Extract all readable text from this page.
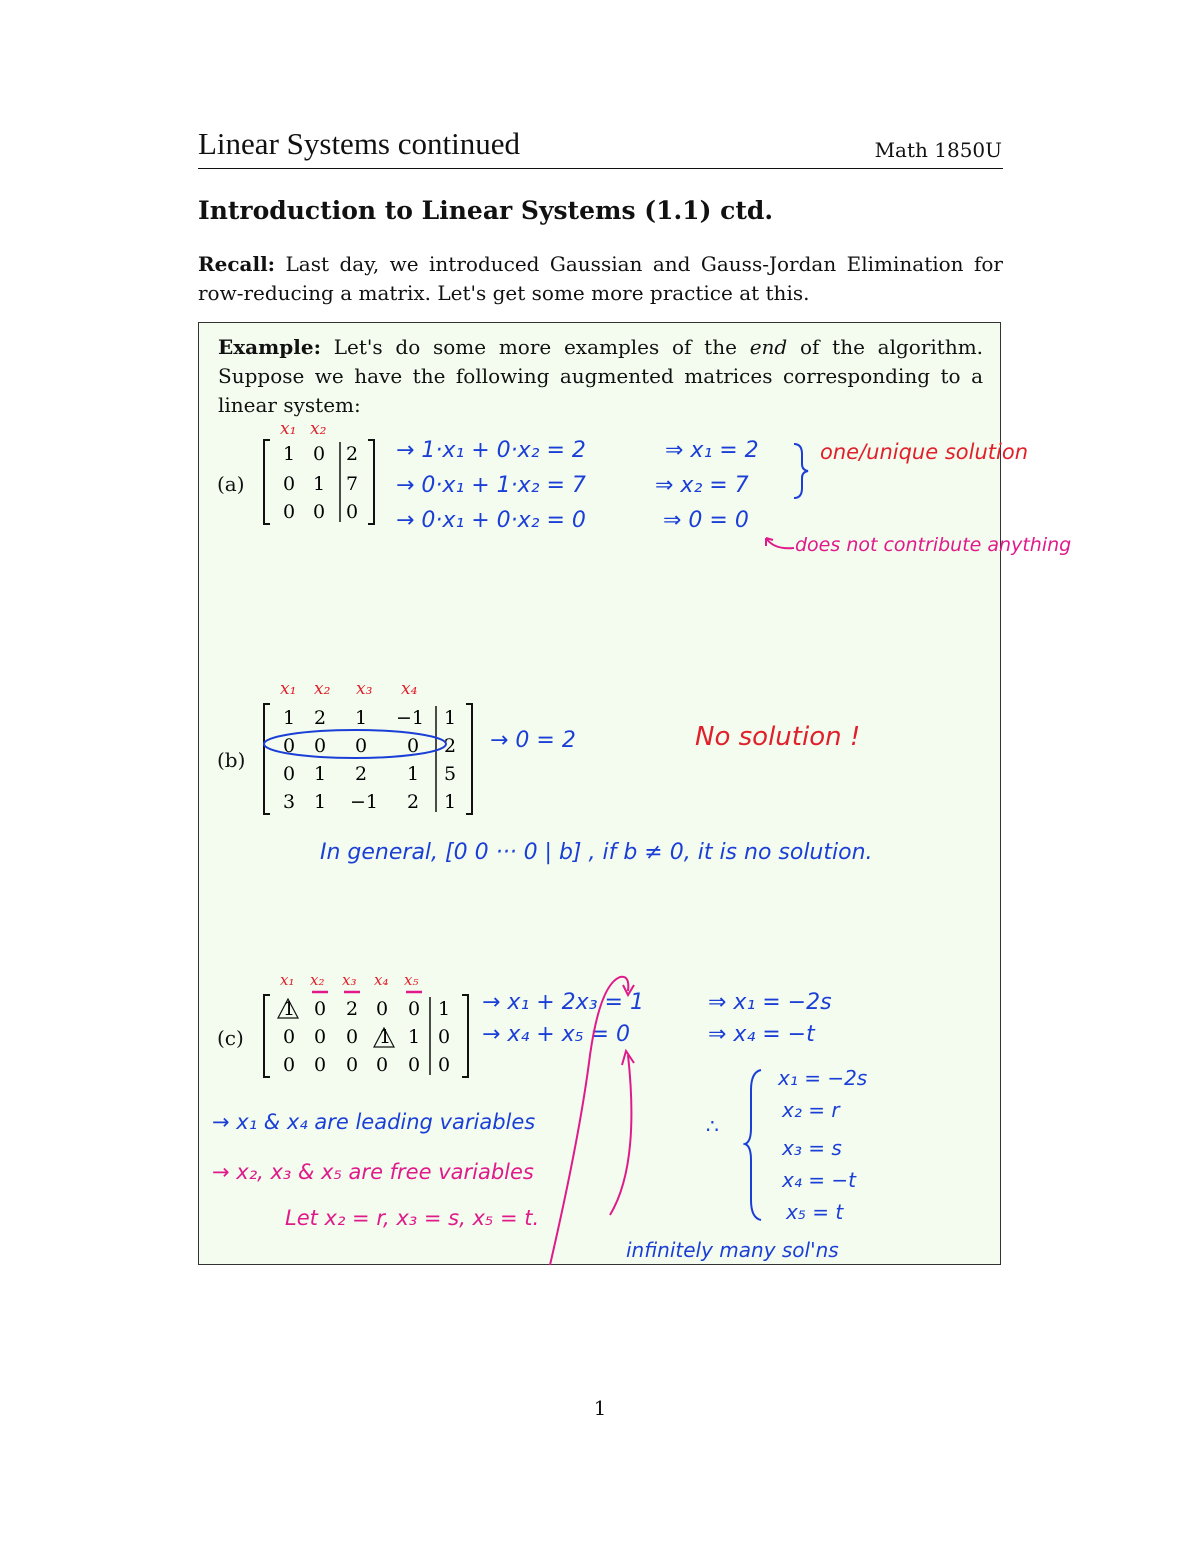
Linear Systems continued	Math 1850U
Introduction to Linear Systems (1.1) ctd.
Recall: Last day, we introduced Gaussian and Gauss-Jordan Elimination for row-reducing a matrix. Let's get some more practice at this.
Example: Let's do some more examples of the end of the algorithm. Suppose we have the following augmented matrices corresponding to a linear system:
(a)
x₁ x₂
1 0 2
0 1 7
0 0 0
→ 1·x₁ + 0·x₂ = 2
→ 0·x₁ + 1·x₂ = 7
→ 0·x₁ + 0·x₂ = 0
⇒ x₁ = 2
⇒ x₂ = 7
⇒ 0 = 0
one/unique solution
does not contribute anything
(b)
x₁ x₂ x₃ x₄
1 2 1 −1 1
0 0 0 0 2
0 1 2 1 5
3 1 −1 2 1
→ 0 = 2	No solution !
In general, [0 0 ··· 0 | b] , if b ≠ 0, it is no solution.
(c)
x₁ x₂ x₃ x₄ x₅
1 0 2 0 0 1
0 0 0 1 1 0
0 0 0 0 0 0
→ x₁ + 2x₃ = 1
→ x₄ + x₅ = 0
⇒ x₁ = −2s
⇒ x₄ = −t
→ x₁ & x₄ are leading variables
→ x₂, x₃ & x₅ are free variables
Let x₂ = r, x₃ = s, x₅ = t.
∴
x₁ = −2s
x₂ = r
x₃ = s
x₄ = −t
x₅ = t
infinitely many sol'ns
1
